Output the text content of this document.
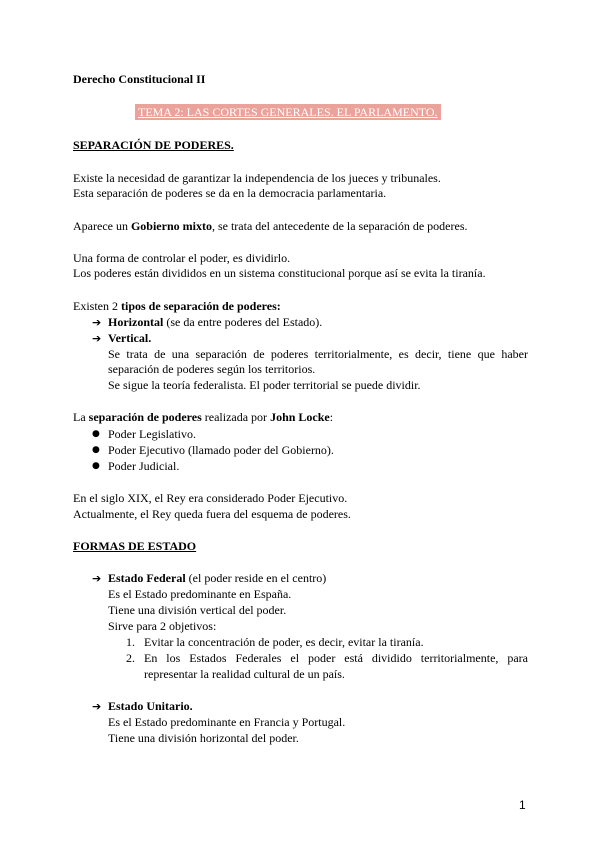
Derecho Constitucional II
TEMA 2: LAS CORTES GENERALES. EL PARLAMENTO.
SEPARACIÓN DE PODERES.
Existe la necesidad de garantizar la independencia de los jueces y tribunales.
Esta separación de poderes se da en la democracia parlamentaria.
Aparece un Gobierno mixto, se trata del antecedente de la separación de poderes.
Una forma de controlar el poder, es dividirlo.
Los poderes están divididos en un sistema constitucional porque así se evita la tiranía.
Existen 2 tipos de separación de poderes:
➔ Horizontal (se da entre poderes del Estado).
➔ Vertical.
Se trata de una separación de poderes territorialmente, es decir, tiene que haber
separación de poderes según los territorios.
Se sigue la teoría federalista. El poder territorial se puede dividir.
La separación de poderes realizada por John Locke:
● Poder Legislativo.
● Poder Ejecutivo (llamado poder del Gobierno).
● Poder Judicial.
En el siglo XIX, el Rey era considerado Poder Ejecutivo.
Actualmente, el Rey queda fuera del esquema de poderes.
FORMAS DE ESTADO
➔ Estado Federal (el poder reside en el centro)
Es el Estado predominante en España.
Tiene una división vertical del poder.
Sirve para 2 objetivos:
1. Evitar la concentración de poder, es decir, evitar la tiranía.
2. En los Estados Federales el poder está dividido territorialmente, para
representar la realidad cultural de un país.
➔ Estado Unitario.
Es el Estado predominante en Francia y Portugal.
Tiene una división horizontal del poder.
1
